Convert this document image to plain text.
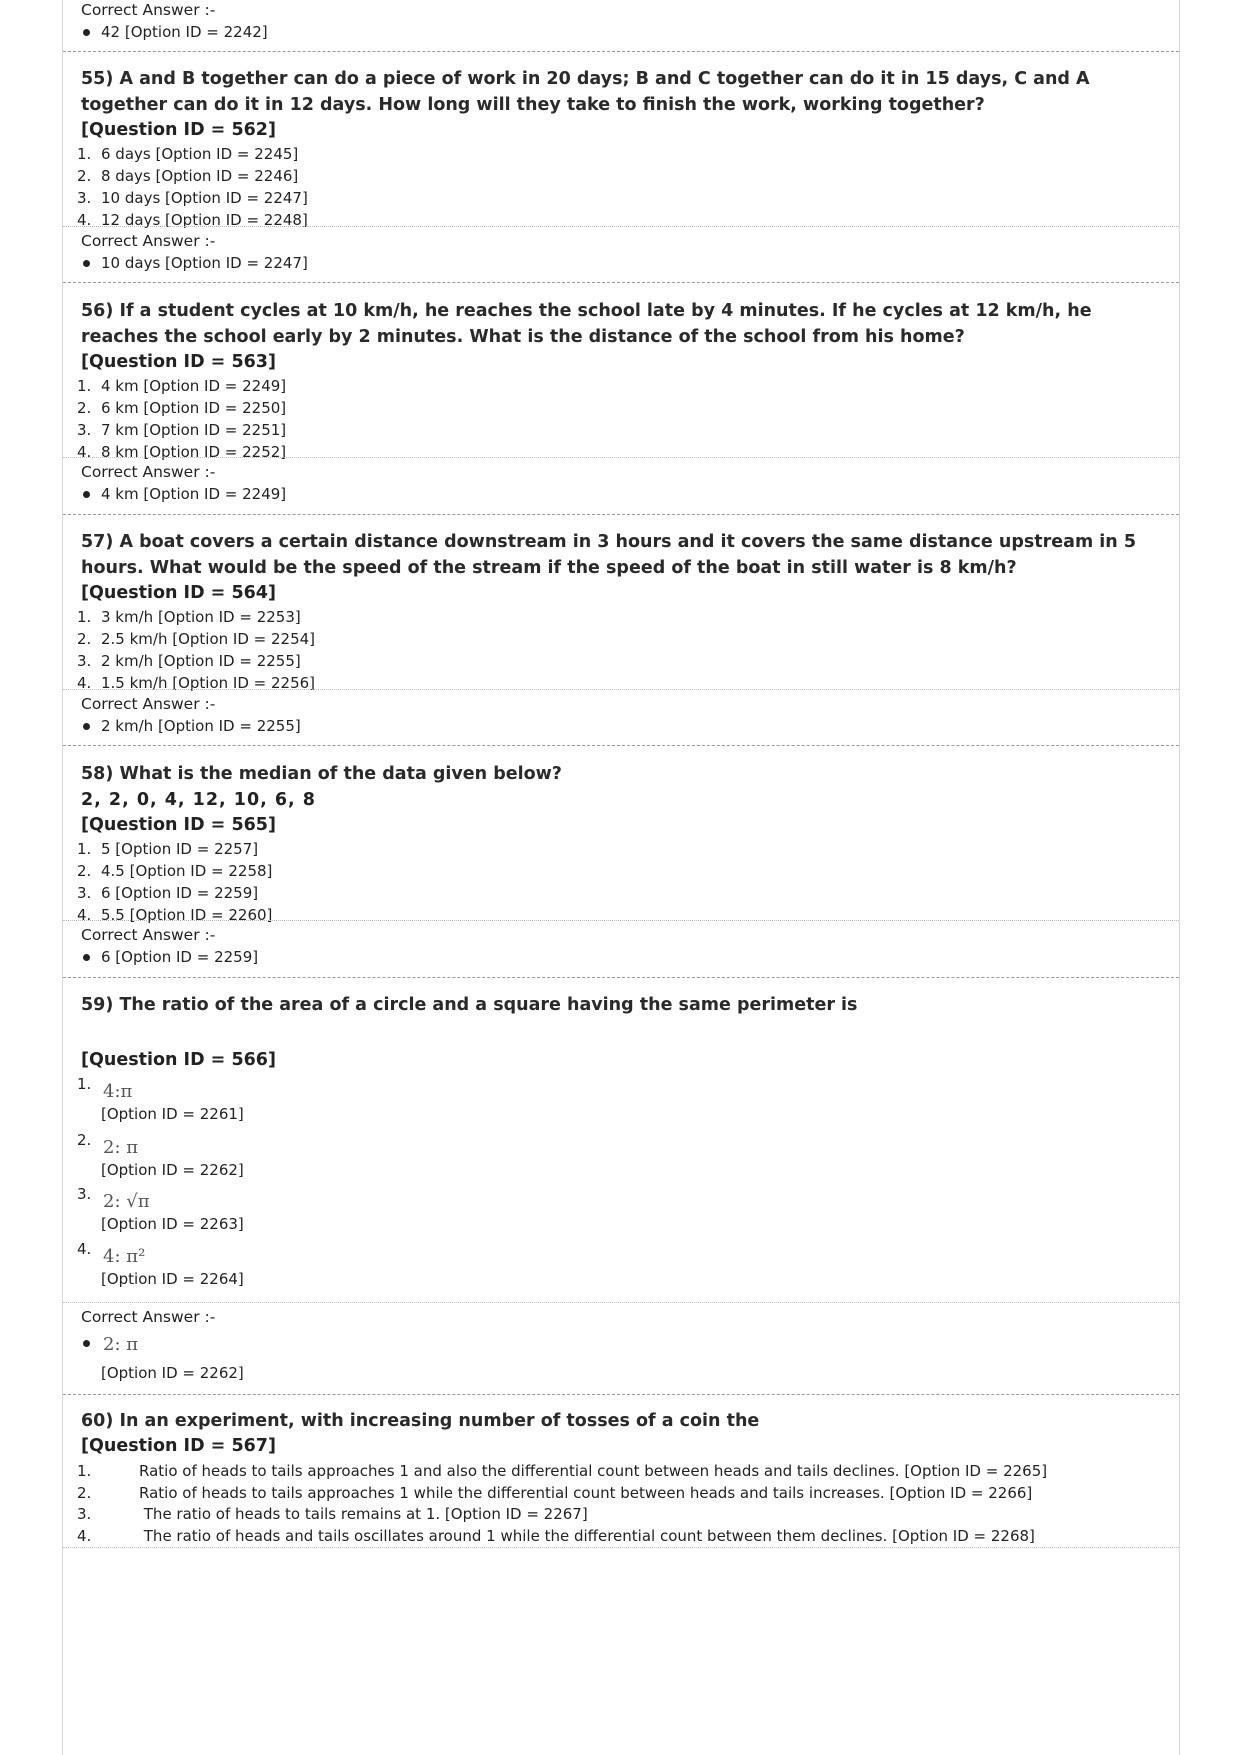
Correct Answer :-
42 [Option ID = 2242]
55) A and B together can do a piece of work in 20 days; B and C together can do it in 15 days, C and A together can do it in 12 days. How long will they take to finish the work, working together?
[Question ID = 562]
1. 6 days [Option ID = 2245]
2. 8 days [Option ID = 2246]
3. 10 days [Option ID = 2247]
4. 12 days [Option ID = 2248]
Correct Answer :-
10 days [Option ID = 2247]
56) If a student cycles at 10 km/h, he reaches the school late by 4 minutes. If he cycles at 12 km/h, he reaches the school early by 2 minutes. What is the distance of the school from his home?
[Question ID = 563]
1. 4 km [Option ID = 2249]
2. 6 km [Option ID = 2250]
3. 7 km [Option ID = 2251]
4. 8 km [Option ID = 2252]
Correct Answer :-
4 km [Option ID = 2249]
57) A boat covers a certain distance downstream in 3 hours and it covers the same distance upstream in 5 hours. What would be the speed of the stream if the speed of the boat in still water is 8 km/h?
[Question ID = 564]
1. 3 km/h [Option ID = 2253]
2. 2.5 km/h [Option ID = 2254]
3. 2 km/h [Option ID = 2255]
4. 1.5 km/h [Option ID = 2256]
Correct Answer :-
2 km/h [Option ID = 2255]
58) What is the median of the data given below?
2, 2, 0, 4, 12, 10, 6, 8
[Question ID = 565]
1. 5 [Option ID = 2257]
2. 4.5 [Option ID = 2258]
3. 6 [Option ID = 2259]
4. 5.5 [Option ID = 2260]
Correct Answer :-
6 [Option ID = 2259]
59) The ratio of the area of a circle and a square having the same perimeter is
[Question ID = 566]
1. 4:π
[Option ID = 2261]
2. 2: π
[Option ID = 2262]
3. 2: √π
[Option ID = 2263]
4. 4: π²
[Option ID = 2264]
Correct Answer :-
2: π
[Option ID = 2262]
60) In an experiment, with increasing number of tosses of a coin the
[Question ID = 567]
1.	Ratio of heads to tails approaches 1 and also the differential count between heads and tails declines. [Option ID = 2265]
2.	Ratio of heads to tails approaches 1 while the differential count between heads and tails increases. [Option ID = 2266]
3.	The ratio of heads to tails remains at 1. [Option ID = 2267]
4.	The ratio of heads and tails oscillates around 1 while the differential count between them declines. [Option ID = 2268]
